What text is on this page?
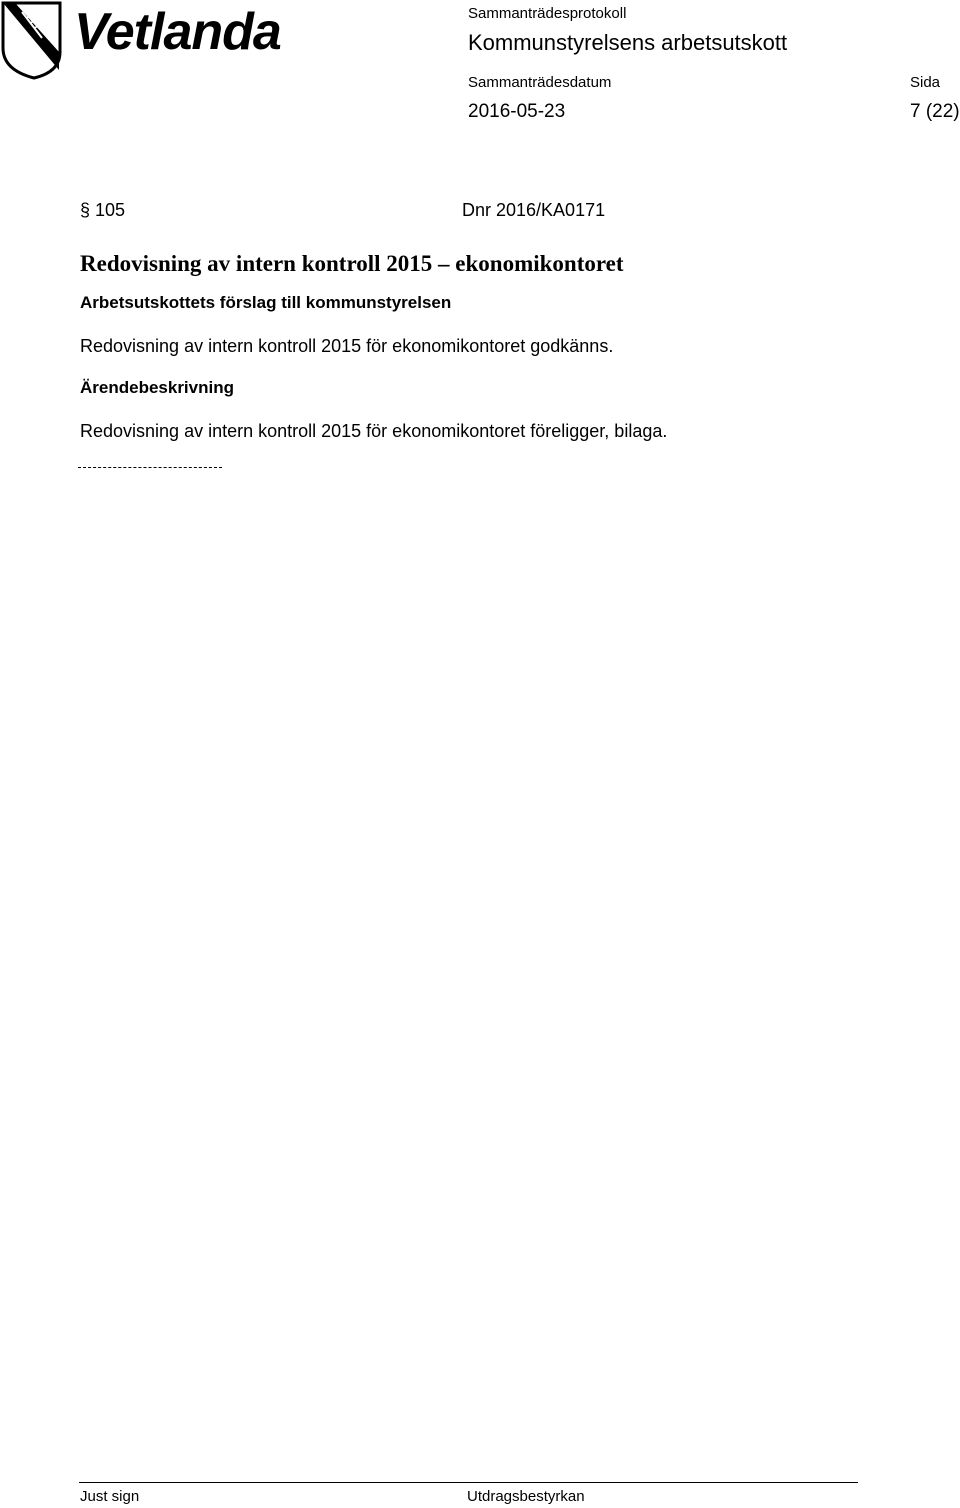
Vetlanda	Sammanträdesprotokoll
Kommunstyrelsens arbetsutskott
Sammanträdesdatum	Sida
2016-05-23	7 (22)
§ 105	Dnr 2016/KA0171
Redovisning av intern kontroll 2015 – ekonomikontoret
Arbetsutskottets förslag till kommunstyrelsen
Redovisning av intern kontroll 2015 för ekonomikontoret godkänns.
Ärendebeskrivning
Redovisning av intern kontroll 2015 för ekonomikontoret föreligger, bilaga.
Just sign	Utdragsbestyrkan
